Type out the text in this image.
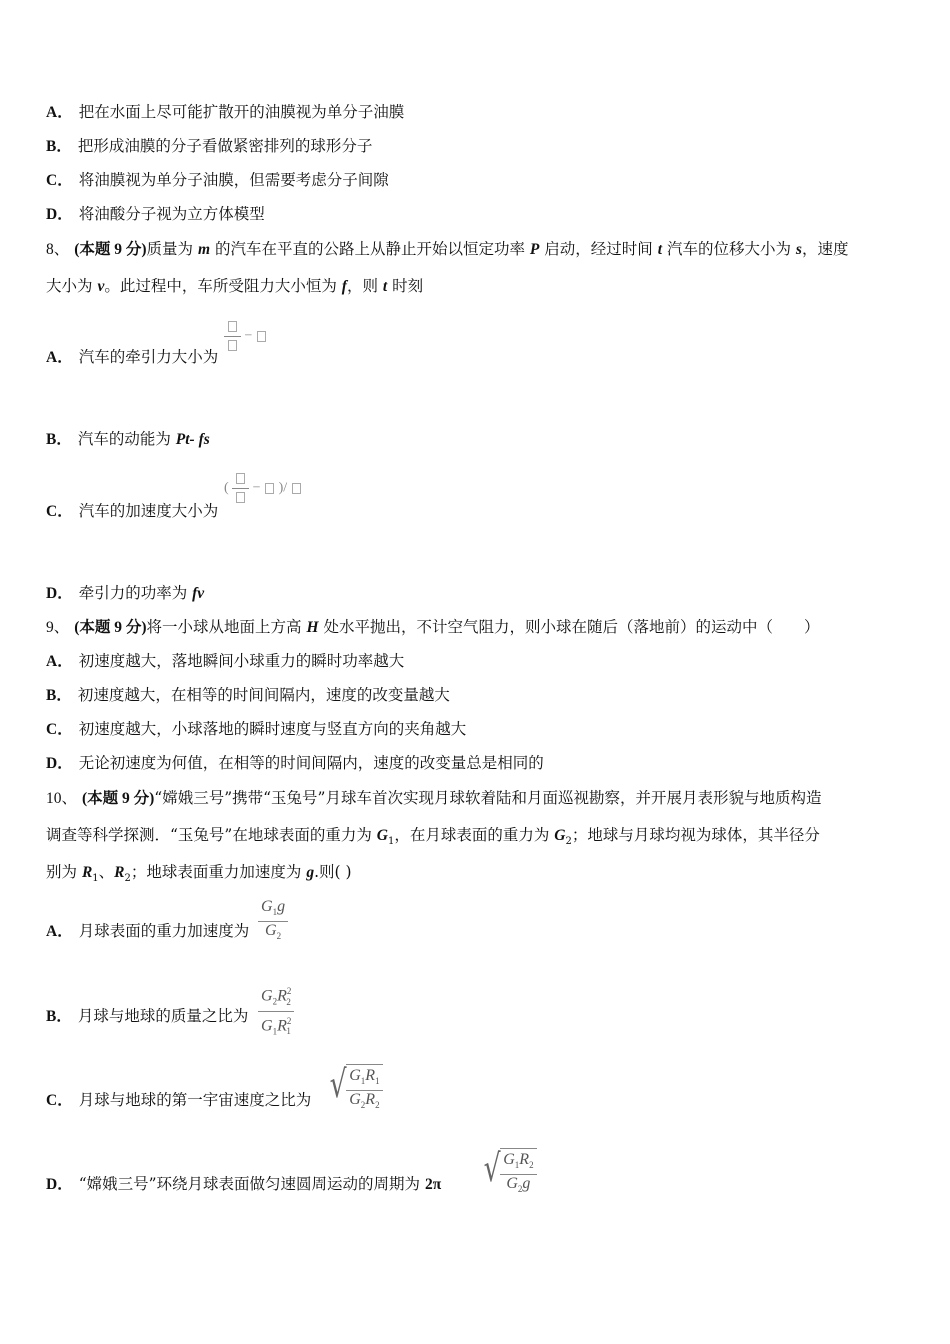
A． 把在水面上尽可能扩散开的油膜视为单分子油膜
B． 把形成油膜的分子看做紧密排列的球形分子
C． 将油膜视为单分子油膜，但需要考虑分子间隙
D． 将油酸分子视为立方体模型
8、 (本题 9 分)质量为 m 的汽车在平直的公路上从静止开始以恒定功率 P 启动，经过时间 t 汽车的位移大小为 s，速度
大小为 v。此过程中，车所受阻力大小恒为 f，则 t 时刻
−
A． 汽车的牵引力大小为
B． 汽车的动能为 Pt- fs
( − )/
C． 汽车的加速度大小为
D． 牵引力的功率为 fv
9、 (本题 9 分)将一小球从地面上方高 H 处水平抛出，不计空气阻力，则小球在随后（落地前）的运动中（　　）
A． 初速度越大，落地瞬间小球重力的瞬时功率越大
B． 初速度越大，在相等的时间间隔内，速度的改变量越大
C． 初速度越大，小球落地的瞬时速度与竖直方向的夹角越大
D． 无论初速度为何值，在相等的时间间隔内，速度的改变量总是相同的
10、 (本题 9 分)“嫦娥三号”携带“玉兔号”月球车首次实现月球软着陆和月面巡视勘察，并开展月表形貌与地质构造
调查等科学探测．“玉兔号”在地球表面的重力为 $G_1$，在月球表面的重力为 $G_2$；地球与月球均视为球体，其半径分
别为 $R_1$、$R_2$；地球表面重力加速度为 g.则( )
A． 月球表面的重力加速度为 $\frac{G_1g}{G_2}$
B． 月球与地球的质量之比为 $\frac{G_2R^2_2}{G_1R^2_1}$
C． 月球与地球的第一宇宙速度之比为 √ $\frac{G_1R_1}{G_2R_2}$
D． “嫦娥三号”环绕月球表面做匀速圆周运动的周期为 2π √ $\frac{G_1R_2}{G_2g}$
